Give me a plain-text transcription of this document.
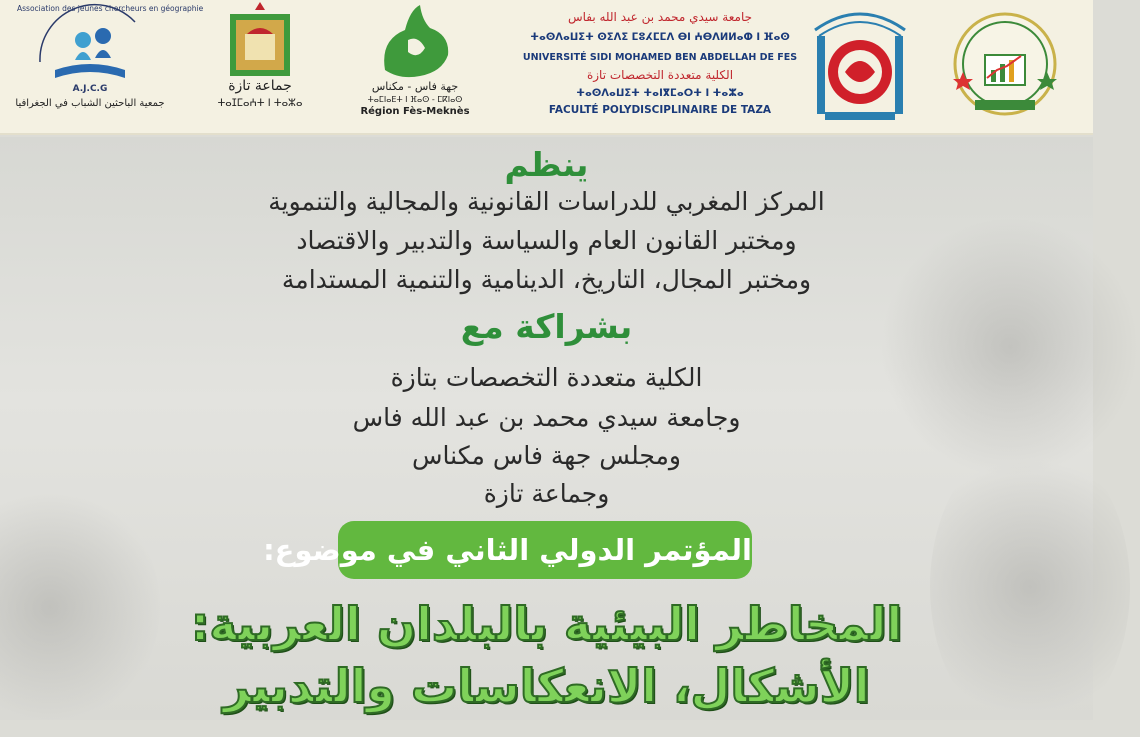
جامعة سيدي محمد بن عبد الله بفاس
ⵜⴰⵙⴷⴰⵡⵉⵜ ⵙⵉⴷⵉ ⵎⵓⵃⵎⵎⴷ ⴱⵏ ⵄⴱⴷⵍⵍⴰⵀ ⵏ ⴼⴰⵙ
UNIVERSITÉ SIDI MOHAMED BEN ABDELLAH DE FES
الكلية متعددة التخصصات تازة
ⵜⴰⵙⴷⴰⵡⵉⵜ ⵜⴰⵏⴳⵎⴰⵔⵜ ⵏ ⵜⴰⵣⴰ
FACULTÉ POLYDISCIPLINAIRE DE TAZA
جهة فاس - مكناس
ⵜⴰⵎⵏⴰⴹⵜ ⵏ ⴼⴰⵙ - ⵎⴽⵏⴰⵙ
Région Fès-Meknès
جماعة تازة
ⵜⴰⵊⵎⴰⵄⵜ ⵏ ⵜⴰⵣⴰ
Association des jeunes chercheurs en géographie
A.J.C.G
جمعية الباحثين الشباب في الجغرافيا
ينظم
المركز المغربي للدراسات القانونية والمجالية والتنموية
ومختبر القانون العام والسياسة والتدبير والاقتصاد
ومختبر المجال، التاريخ، الدينامية والتنمية المستدامة
بشراكة مع
الكلية متعددة التخصصات بتازة
وجامعة سيدي محمد بن عبد الله فاس
ومجلس جهة فاس مكناس
وجماعة تازة
المؤتمر الدولي الثاني في موضوع:
المخاطر البيئية بالبلدان العربية:
الأشكال، الانعكاسات والتدبير
